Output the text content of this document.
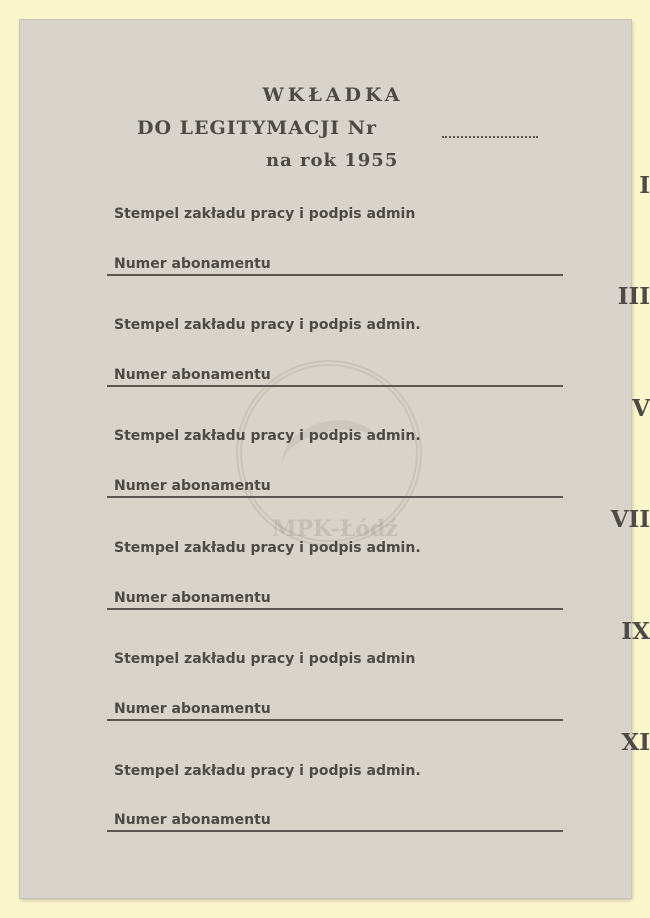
MPK-Łódź
WKŁADKA
DO LEGITYMACJI Nr
na rok 1955
I
Stempel zakładu pracy i podpis admin
Numer abonamentu
III
Stempel zakładu pracy i podpis admin.
Numer abonamentu
V
Stempel zakładu pracy i podpis admin.
Numer abonamentu
VII
Stempel zakładu pracy i podpis admin.
Numer abonamentu
IX
Stempel zakładu pracy i podpis admin
Numer abonamentu
XI
Stempel zakładu pracy i podpis admin.
Numer abonamentu
